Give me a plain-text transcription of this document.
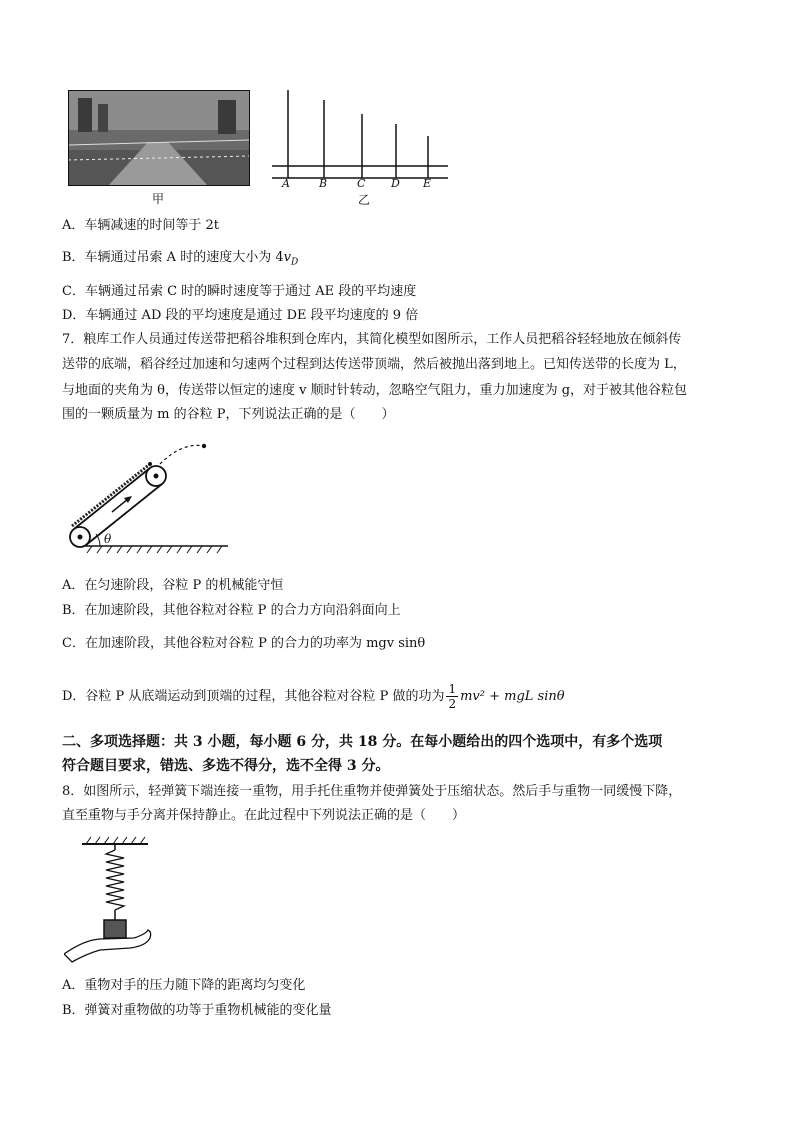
甲
A	B	C D E
乙
A．车辆减速的时间等于 2t
B．车辆通过吊索 A 时的速度大小为 $4v_D$
C．车辆通过吊索 C 时的瞬时速度等于通过 AE 段的平均速度
D．车辆通过 AD 段的平均速度是通过 DE 段平均速度的 9 倍
7．粮库工作人员通过传送带把稻谷堆积到仓库内，其简化模型如图所示，工作人员把稻谷轻轻地放在倾斜传
送带的底端，稻谷经过加速和匀速两个过程到达传送带顶端，然后被抛出落到地上。已知传送带的长度为 L，
与地面的夹角为 θ，传送带以恒定的速度 v 顺时针转动，忽略空气阻力，重力加速度为 g，对于被其他谷粒包
围的一颗质量为 m 的谷粒 P，下列说法正确的是（　　）
θ
A．在匀速阶段，谷粒 P 的机械能守恒
B．在加速阶段，其他谷粒对谷粒 P 的合力方向沿斜面向上
C．在加速阶段，其他谷粒对谷粒 P 的合力的功率为 mgv sinθ
D．谷粒 P 从底端运动到顶端的过程，其他谷粒对谷粒 P 做的功为 $\frac{1}{2} mv^2$ + mgL sinθ
二、多项选择题：共 3 小题，每小题 6 分，共 18 分。在每小题给出的四个选项中，有多个选项
符合题目要求，错选、多选不得分，选不全得 3 分。
8．如图所示，轻弹簧下端连接一重物，用手托住重物并使弹簧处于压缩状态。然后手与重物一同缓慢下降，
直至重物与手分离并保持静止。在此过程中下列说法正确的是（　　）
A．重物对手的压力随下降的距离均匀变化
B．弹簧对重物做的功等于重物机械能的变化量
